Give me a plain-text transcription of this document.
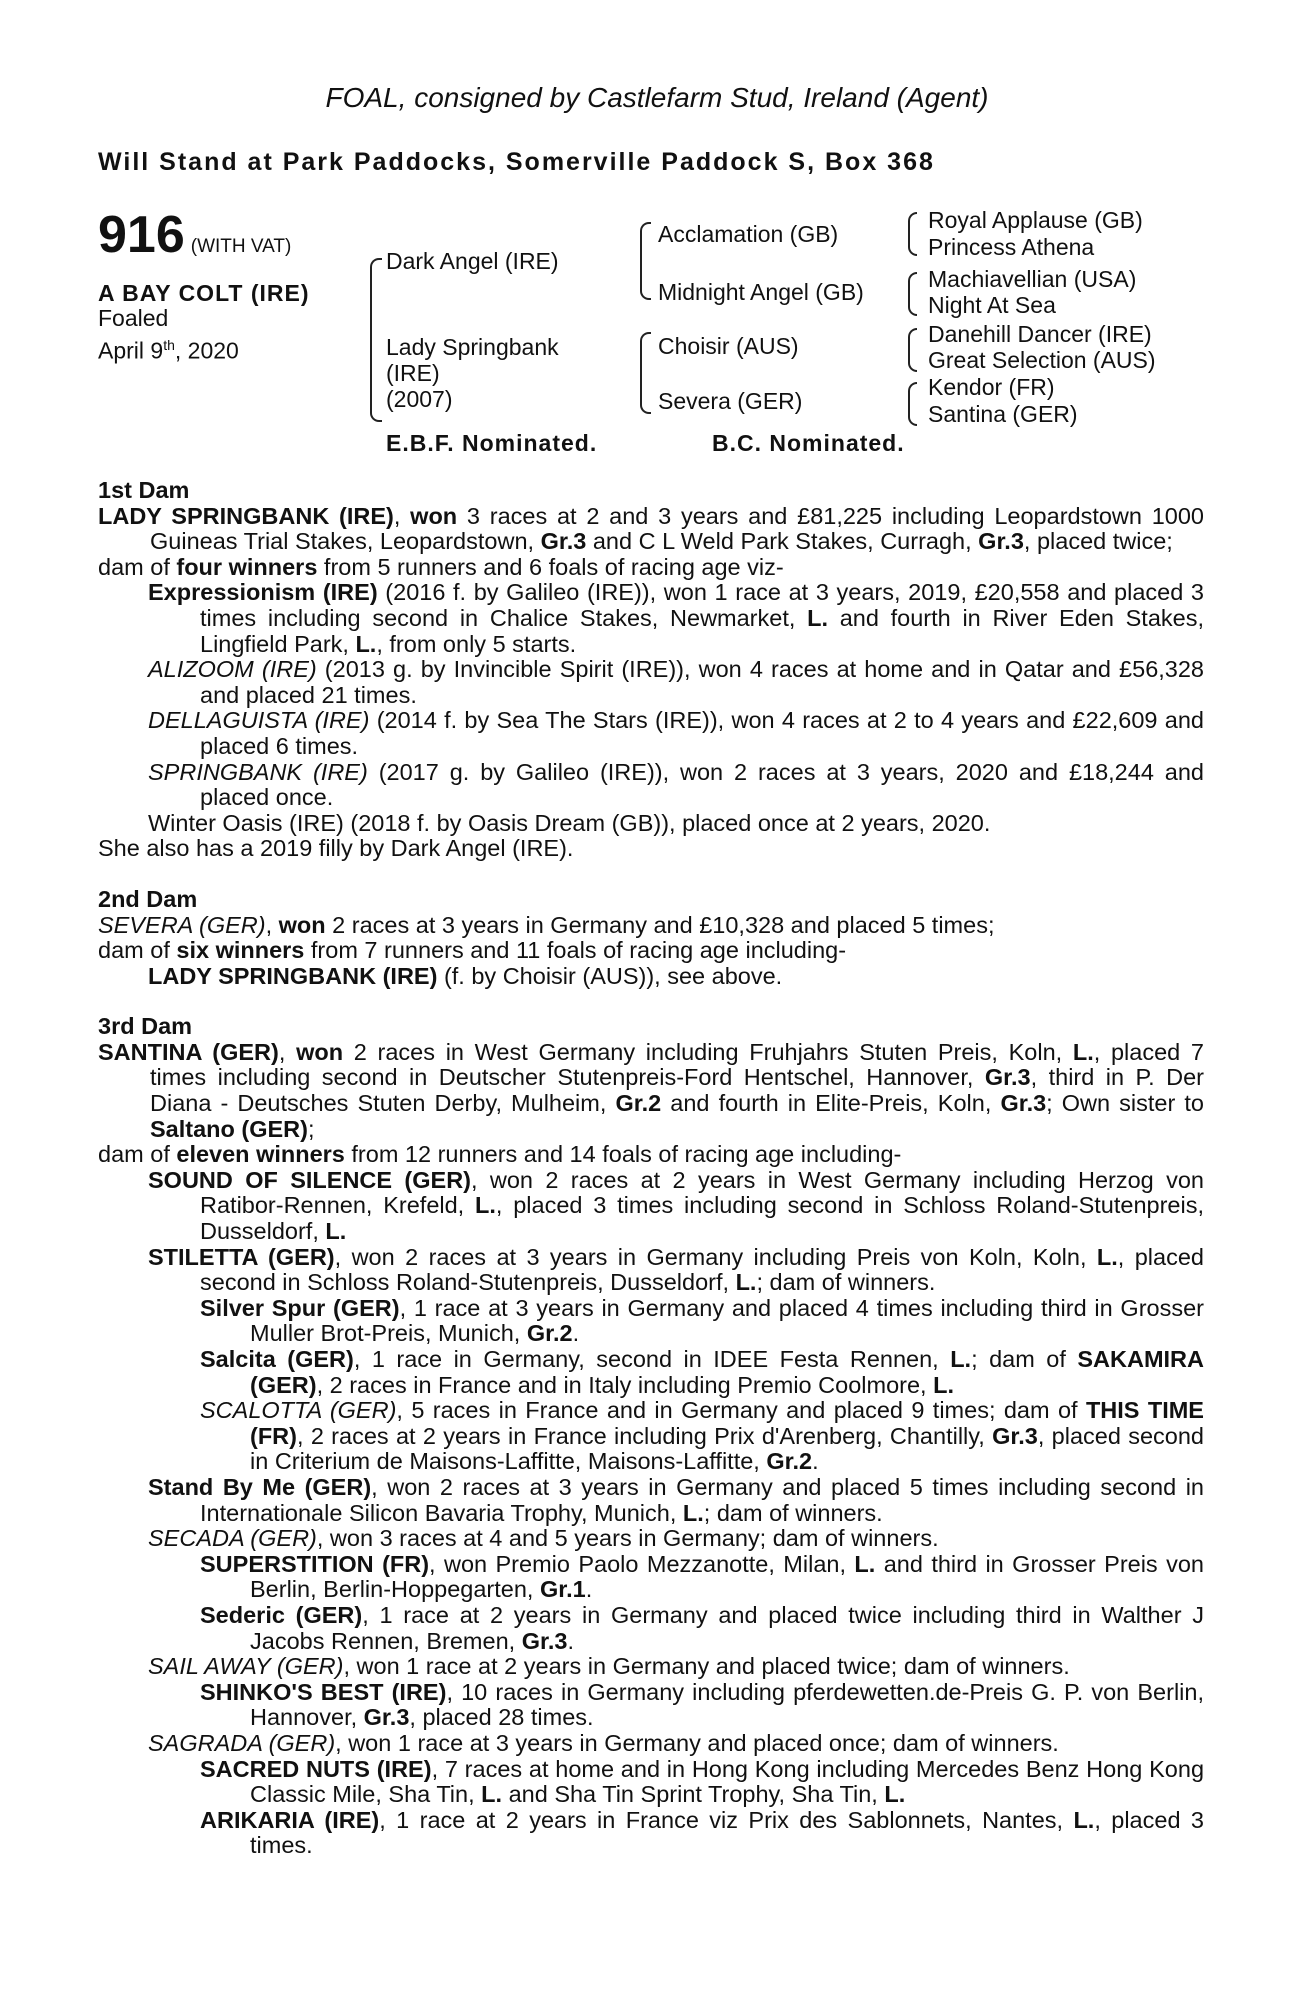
FOAL, consigned by Castlefarm Stud, Ireland (Agent)
Will Stand at Park Paddocks, Somerville Paddock S, Box 368
916 (WITH VAT)
A BAY COLT (IRE)
Foaled
April 9th, 2020
Dark Angel (IRE)
Lady Springbank
(IRE)
(2007)
Acclamation (GB)
Midnight Angel (GB)
Choisir (AUS)
Severa (GER)
Royal Applause (GB)
Princess Athena
Machiavellian (USA)
Night At Sea
Danehill Dancer (IRE)
Great Selection (AUS)
Kendor (FR)
Santina (GER)
E.B.F. Nominated.	B.C. Nominated.

1st Dam

LADY SPRINGBANK (IRE), won 3 races at 2 and 3 years and £81,225 including Leopardstown 1000 Guineas Trial Stakes, Leopardstown, Gr.3 and C L Weld Park Stakes, Curragh, Gr.3, placed twice;

dam of four winners from 5 runners and 6 foals of racing age viz-

Expressionism (IRE) (2016 f. by Galileo (IRE)), won 1 race at 3 years, 2019, £20,558 and placed 3 times including second in Chalice Stakes, Newmarket, L. and fourth in River Eden Stakes, Lingfield Park, L., from only 5 starts.

ALIZOOM (IRE) (2013 g. by Invincible Spirit (IRE)), won 4 races at home and in Qatar and £56,328 and placed 21 times.

DELLAGUISTA (IRE) (2014 f. by Sea The Stars (IRE)), won 4 races at 2 to 4 years and £22,609 and placed 6 times.

SPRINGBANK (IRE) (2017 g. by Galileo (IRE)), won 2 races at 3 years, 2020 and £18,244 and placed once.

Winter Oasis (IRE) (2018 f. by Oasis Dream (GB)), placed once at 2 years, 2020.

She also has a 2019 filly by Dark Angel (IRE).

2nd Dam

SEVERA (GER), won 2 races at 3 years in Germany and £10,328 and placed 5 times;

dam of six winners from 7 runners and 11 foals of racing age including-

LADY SPRINGBANK (IRE) (f. by Choisir (AUS)), see above.

3rd Dam

SANTINA (GER), won 2 races in West Germany including Fruhjahrs Stuten Preis, Koln, L., placed 7 times including second in Deutscher Stutenpreis-Ford Hentschel, Hannover, Gr.3, third in P. Der Diana - Deutsches Stuten Derby, Mulheim, Gr.2 and fourth in Elite-Preis, Koln, Gr.3; Own sister to Saltano (GER);

dam of eleven winners from 12 runners and 14 foals of racing age including-

SOUND OF SILENCE (GER), won 2 races at 2 years in West Germany including Herzog von Ratibor-Rennen, Krefeld, L., placed 3 times including second in Schloss Roland-Stutenpreis, Dusseldorf, L.

STILETTA (GER), won 2 races at 3 years in Germany including Preis von Koln, Koln, L., placed second in Schloss Roland-Stutenpreis, Dusseldorf, L.; dam of winners.

Silver Spur (GER), 1 race at 3 years in Germany and placed 4 times including third in Grosser Muller Brot-Preis, Munich, Gr.2.

Salcita (GER), 1 race in Germany, second in IDEE Festa Rennen, L.; dam of SAKAMIRA (GER), 2 races in France and in Italy including Premio Coolmore, L.

SCALOTTA (GER), 5 races in France and in Germany and placed 9 times; dam of THIS TIME (FR), 2 races at 2 years in France including Prix d'Arenberg, Chantilly, Gr.3, placed second in Criterium de Maisons-Laffitte, Maisons-Laffitte, Gr.2.

Stand By Me (GER), won 2 races at 3 years in Germany and placed 5 times including second in Internationale Silicon Bavaria Trophy, Munich, L.; dam of winners.

SECADA (GER), won 3 races at 4 and 5 years in Germany; dam of winners.

SUPERSTITION (FR), won Premio Paolo Mezzanotte, Milan, L. and third in Grosser Preis von Berlin, Berlin-Hoppegarten, Gr.1.

Sederic (GER), 1 race at 2 years in Germany and placed twice including third in Walther J Jacobs Rennen, Bremen, Gr.3.

SAIL AWAY (GER), won 1 race at 2 years in Germany and placed twice; dam of winners.

SHINKO'S BEST (IRE), 10 races in Germany including pferdewetten.de-Preis G. P. von Berlin, Hannover, Gr.3, placed 28 times.

SAGRADA (GER), won 1 race at 3 years in Germany and placed once; dam of winners.

SACRED NUTS (IRE), 7 races at home and in Hong Kong including Mercedes Benz Hong Kong Classic Mile, Sha Tin, L. and Sha Tin Sprint Trophy, Sha Tin, L.

ARIKARIA (IRE), 1 race at 2 years in France viz Prix des Sablonnets, Nantes, L., placed 3 times.
